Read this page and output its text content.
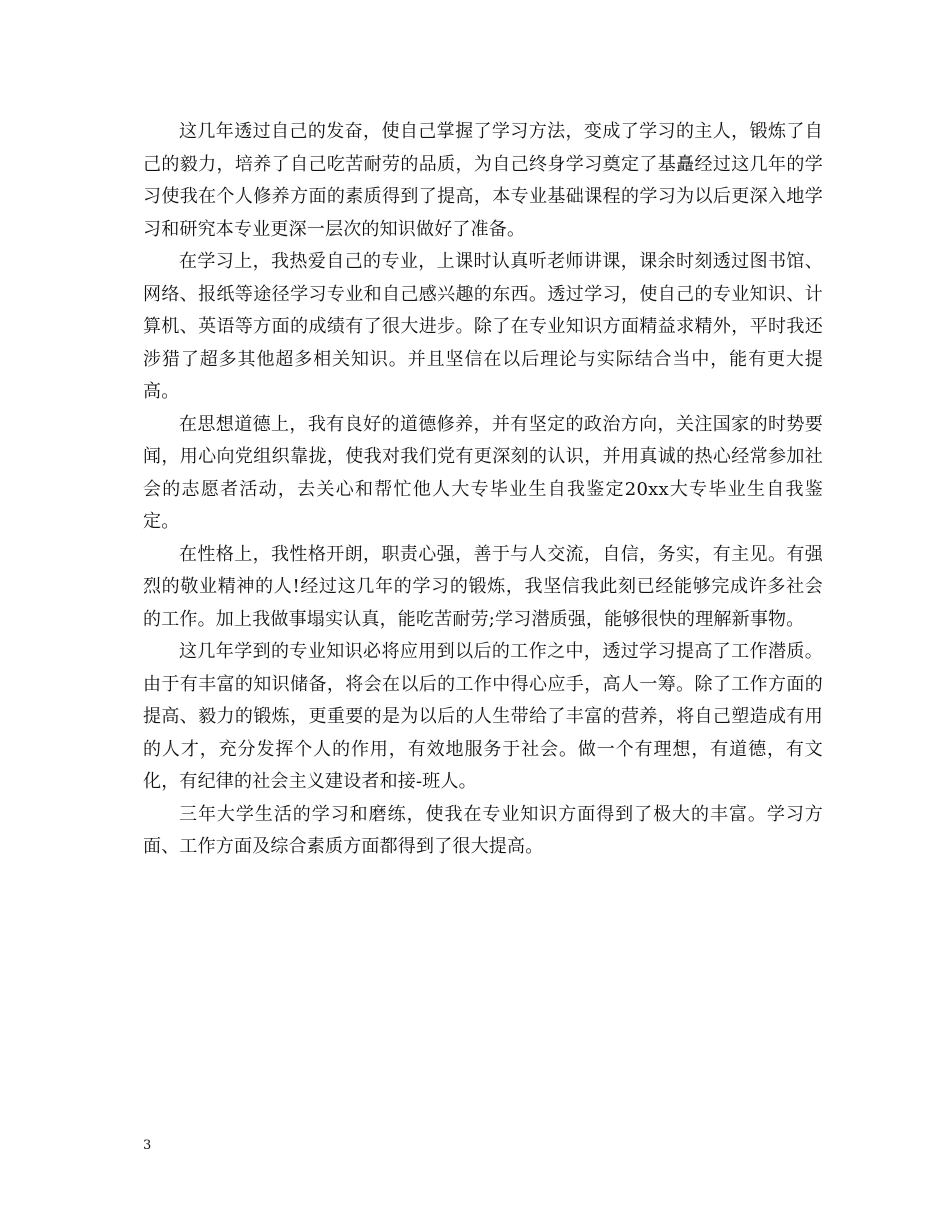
这几年透过自己的发奋，使自己掌握了学习方法，变成了学习的主人，锻炼了自己的毅力，培养了自己吃苦耐劳的品质，为自己终身学习奠定了基矗经过这几年的学习使我在个人修养方面的素质得到了提高，本专业基础课程的学习为以后更深入地学习和研究本专业更深一层次的知识做好了准备。

在学习上，我热爱自己的专业，上课时认真听老师讲课，课余时刻透过图书馆、网络、报纸等途径学习专业和自己感兴趣的东西。透过学习，使自己的专业知识、计算机、英语等方面的成绩有了很大进步。除了在专业知识方面精益求精外，平时我还涉猎了超多其他超多相关知识。并且坚信在以后理论与实际结合当中，能有更大提高。

在思想道德上，我有良好的道德修养，并有坚定的政治方向，关注国家的时势要闻，用心向党组织靠拢，使我对我们党有更深刻的认识，并用真诚的热心经常参加社会的志愿者活动，去关心和帮忙他人大专毕业生自我鉴定20xx大专毕业生自我鉴定。

在性格上，我性格开朗，职责心强，善于与人交流，自信，务实，有主见。有强烈的敬业精神的人!经过这几年的学习的锻炼，我坚信我此刻已经能够完成许多社会的工作。加上我做事塌实认真，能吃苦耐劳;学习潜质强，能够很快的理解新事物。

这几年学到的专业知识必将应用到以后的工作之中，透过学习提高了工作潜质。由于有丰富的知识储备，将会在以后的工作中得心应手，高人一筹。除了工作方面的提高、毅力的锻炼，更重要的是为以后的人生带给了丰富的营养，将自己塑造成有用的人才，充分发挥个人的作用，有效地服务于社会。做一个有理想，有道德，有文化，有纪律的社会主义建设者和接-班人。

三年大学生活的学习和磨练，使我在专业知识方面得到了极大的丰富。学习方面、工作方面及综合素质方面都得到了很大提高。

3
